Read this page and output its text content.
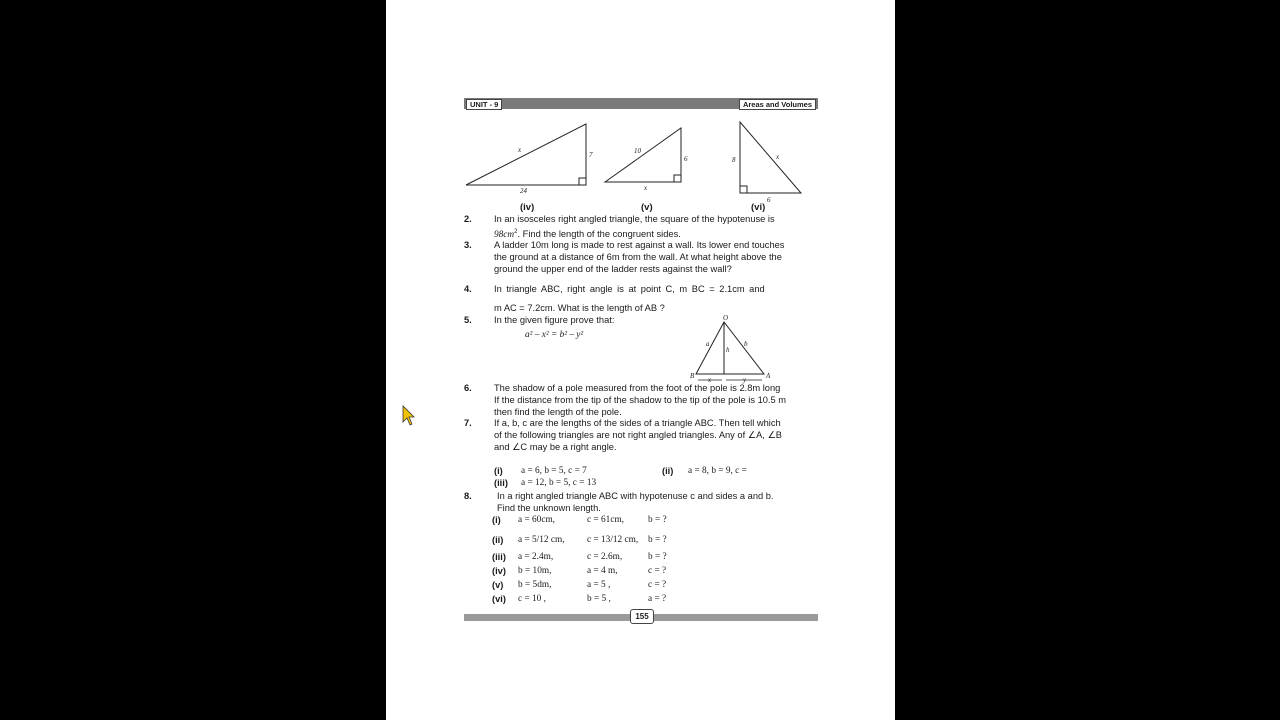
UNIT - 9	Areas and Volumes
x
7
24
10
6
x
8	x
6
(iv)	(v)	(vi)
2. In an isosceles right angled triangle, the square of the hypotenuse is
$98cm^2$. Find the length of the congruent sides.
3. A ladder 10m long is made to rest against a wall. Its lower end touches
the ground at a distance of 6m from the wall. At what height above the
ground the upper end of the ladder rests against the wall?
4. In triangle ABC, right angle is at point C, m BC = 2.1cm and
m AC = 7.2cm. What is the length of AB ?
5. In the given figure prove that:
a² – x² = b² – y²
O
a	b
h
x	y
B	A
6. The shadow of a pole measured from the foot of the pole is 2.8m long
If the distance from the tip of the shadow to the tip of the pole is 10.5 m
then find the length of the pole.
7. If a, b, c are the lengths of the sides of a triangle ABC. Then tell which
of the following triangles are not right angled triangles. Any of ∠A, ∠B
and ∠C may be a right angle.
(i) a = 6, b = 5, c = 7	(ii) a = 8, b = 9, c =
(iii) a = 12, b = 5, c = 13
8.	In a right angled triangle ABC with hypotenuse c and sides a and b.
Find the unknown length.
(i) a = 60cm,	c = 61cm,	b = ?
(ii) a = 5/12 cm, c = 13/12 cm, b = ?
(iii) a = 2.4m,	c = 2.6m,	b = ?
(iv) b = 10m,	a = 4 m,	c = ?
(v) b = 5dm,	a = 5 ,	c = ?
(vi) c = 10 ,	b = 5 ,	a = ?
155
